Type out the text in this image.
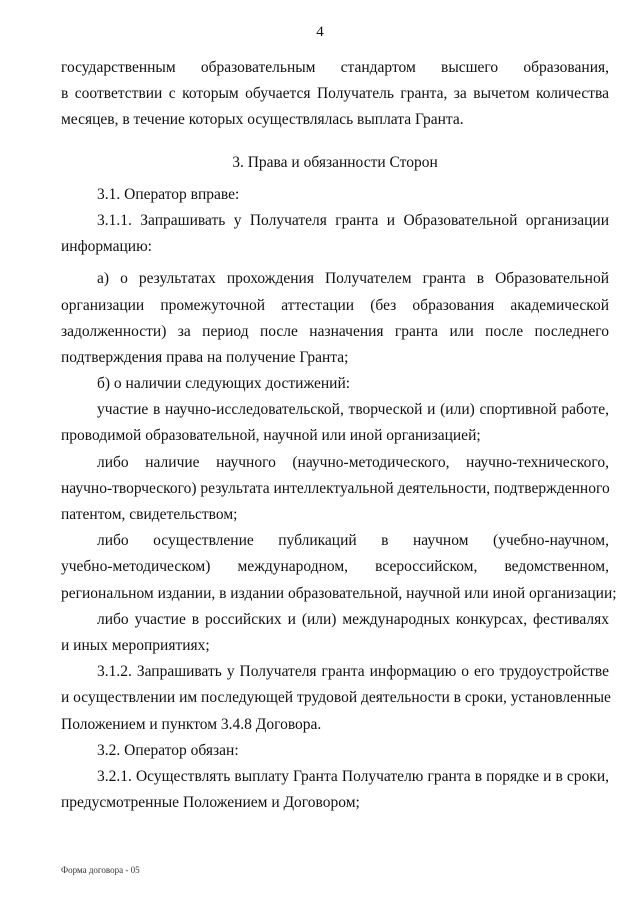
4
государственным образовательным стандартом высшего образования,
в соответствии с которым обучается Получатель гранта, за вычетом количества
месяцев, в течение которых осуществлялась выплата Гранта.
3. Права и обязанности Сторон
3.1. Оператор вправе:
3.1.1. Запрашивать у Получателя гранта и Образовательной организации
информацию:
а) о результатах прохождения Получателем гранта в Образовательной
организации промежуточной аттестации (без образования академической
задолженности) за период после назначения гранта или после последнего
подтверждения права на получение Гранта;
б) о наличии следующих достижений:
участие в научно-исследовательской, творческой и (или) спортивной работе,
проводимой образовательной, научной или иной организацией;
либо наличие научного (научно-методического, научно-технического,
научно-творческого) результата интеллектуальной деятельности, подтвержденного
патентом, свидетельством;
либо осуществление публикаций в научном (учебно-научном,
учебно-методическом) международном, всероссийском, ведомственном,
региональном издании, в издании образовательной, научной или иной организации;
либо участие в российских и (или) международных конкурсах, фестивалях
и иных мероприятиях;
3.1.2. Запрашивать у Получателя гранта информацию о его трудоустройстве
и осуществлении им последующей трудовой деятельности в сроки, установленные
Положением и пунктом 3.4.8 Договора.
3.2. Оператор обязан:
3.2.1. Осуществлять выплату Гранта Получателю гранта в порядке и в сроки,
предусмотренные Положением и Договором;
Форма договора - 05
